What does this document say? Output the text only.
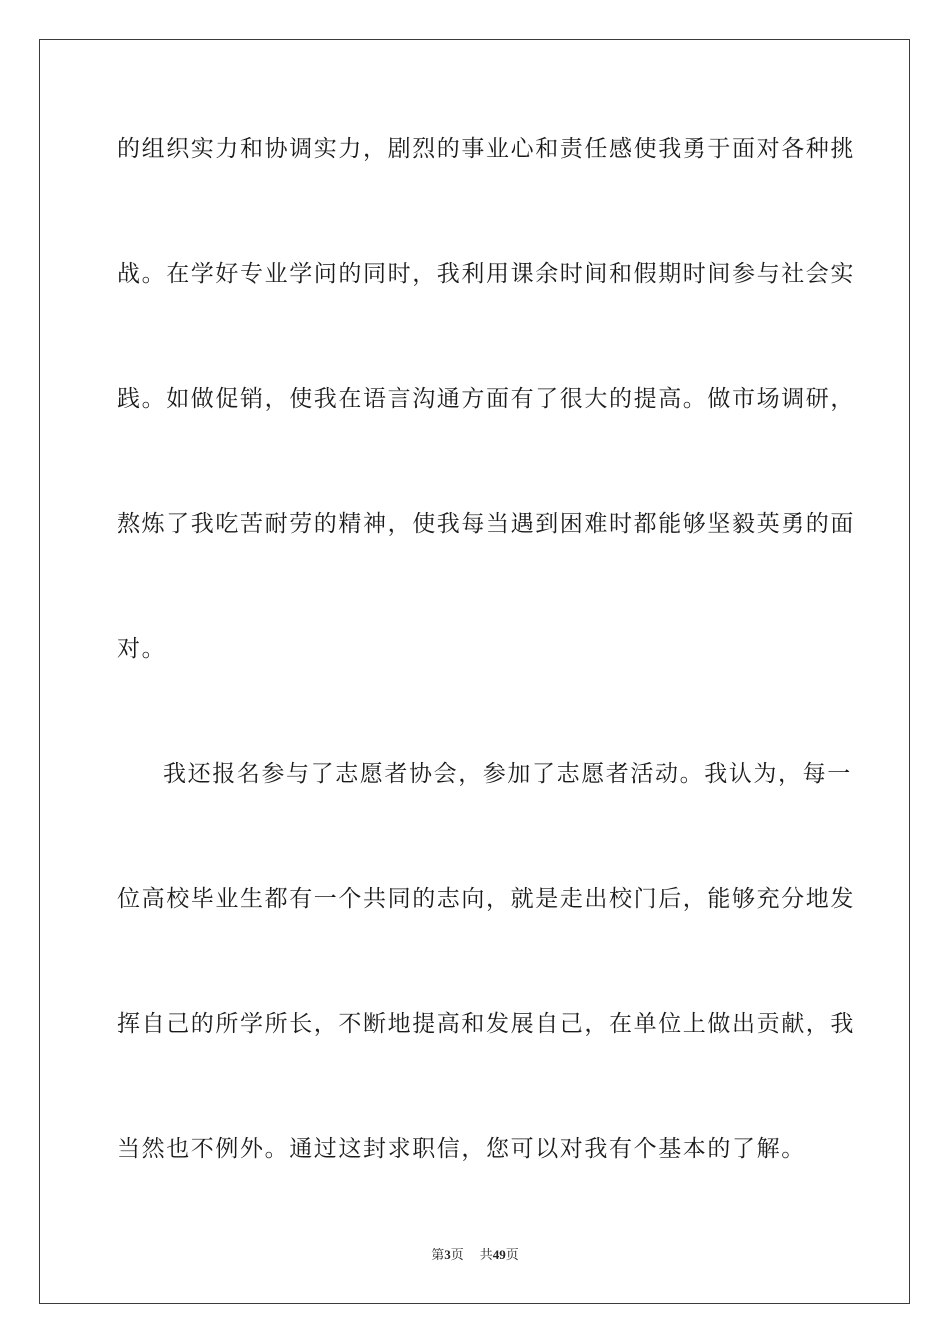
的组织实力和协调实力，剧烈的事业心和责任感使我勇于面对各种挑
战。在学好专业学问的同时，我利用课余时间和假期时间参与社会实
践。如做促销，使我在语言沟通方面有了很大的提高。做市场调研，
熬炼了我吃苦耐劳的精神，使我每当遇到困难时都能够坚毅英勇的面
对。
我还报名参与了志愿者协会，参加了志愿者活动。我认为，每一
位高校毕业生都有一个共同的志向，就是走出校门后，能够充分地发
挥自己的所学所长，不断地提高和发展自己，在单位上做出贡献，我
当然也不例外。通过这封求职信，您可以对我有个基本的了解。
第3页 共49页
